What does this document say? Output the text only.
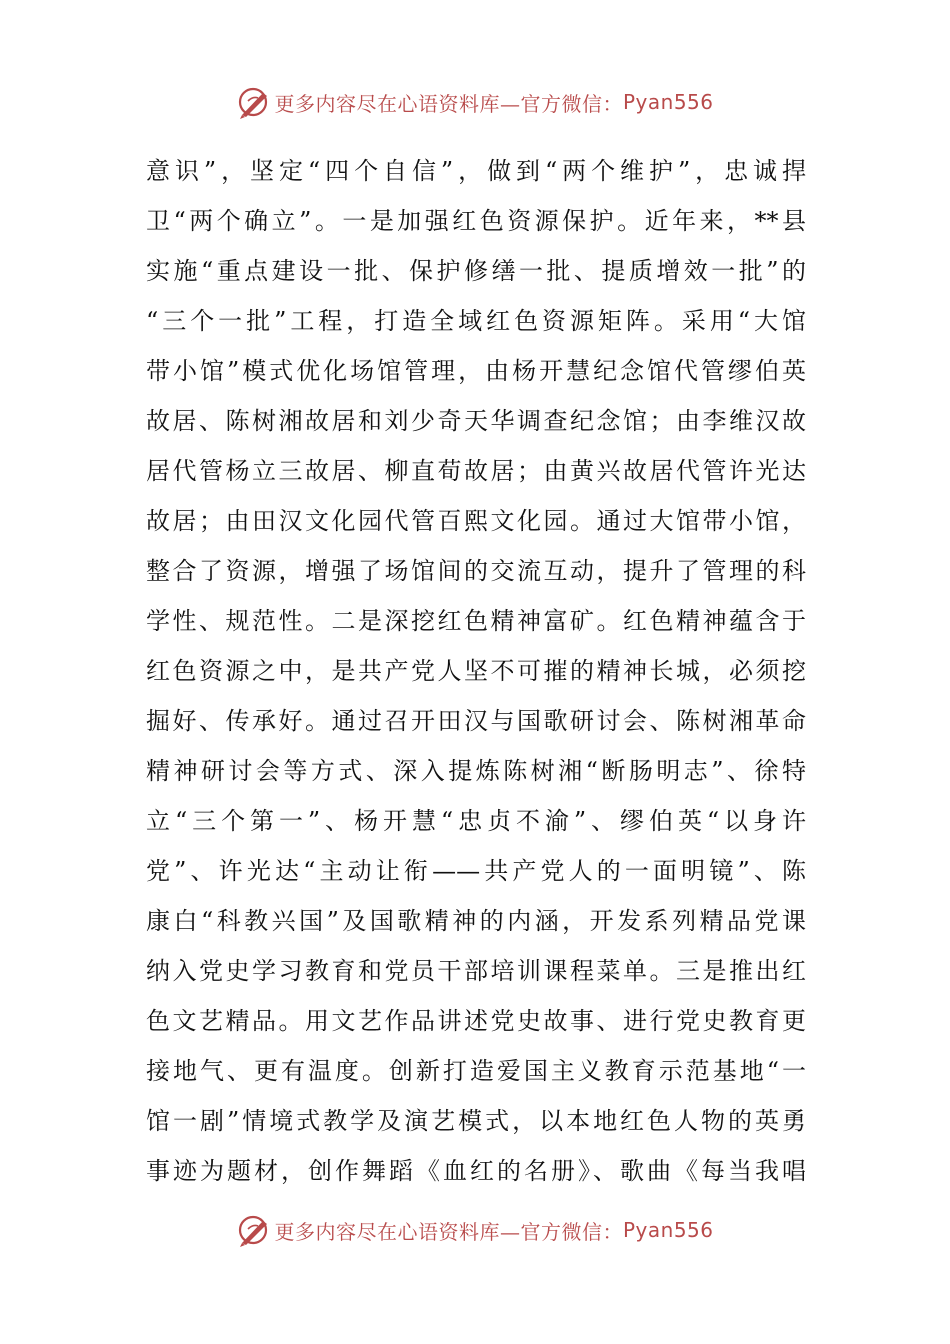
更多内容尽在心语资料库—官方微信： Pyan556
意识”，坚定“四个自信”，做到“两个维护”，忠诚捍
卫“两个确立”。一是加强红色资源保护。近年来，**县
实施“重点建设一批、保护修缮一批、提质增效一批”的
“三个一批”工程，打造全域红色资源矩阵。采用“大馆
带小馆”模式优化场馆管理，由杨开慧纪念馆代管缪伯英
故居、陈树湘故居和刘少奇天华调查纪念馆；由李维汉故
居代管杨立三故居、柳直荀故居；由黄兴故居代管许光达
故居；由田汉文化园代管百熙文化园。通过大馆带小馆，
整合了资源，增强了场馆间的交流互动，提升了管理的科
学性、规范性。二是深挖红色精神富矿。红色精神蕴含于
红色资源之中，是共产党人坚不可摧的精神长城，必须挖
掘好、传承好。通过召开田汉与国歌研讨会、陈树湘革命
精神研讨会等方式、深入提炼陈树湘“断肠明志”、徐特
立“三个第一”、杨开慧“忠贞不渝”、缪伯英“以身许
党”、许光达“主动让衔——共产党人的一面明镜”、陈
康白“科教兴国”及国歌精神的内涵，开发系列精品党课
纳入党史学习教育和党员干部培训课程菜单。三是推出红
色文艺精品。用文艺作品讲述党史故事、进行党史教育更
接地气、更有温度。创新打造爱国主义教育示范基地“一
馆一剧”情境式教学及演艺模式，以本地红色人物的英勇
事迹为题材，创作舞蹈《血红的名册》、歌曲《每当我唱
更多内容尽在心语资料库—官方微信： Pyan556
